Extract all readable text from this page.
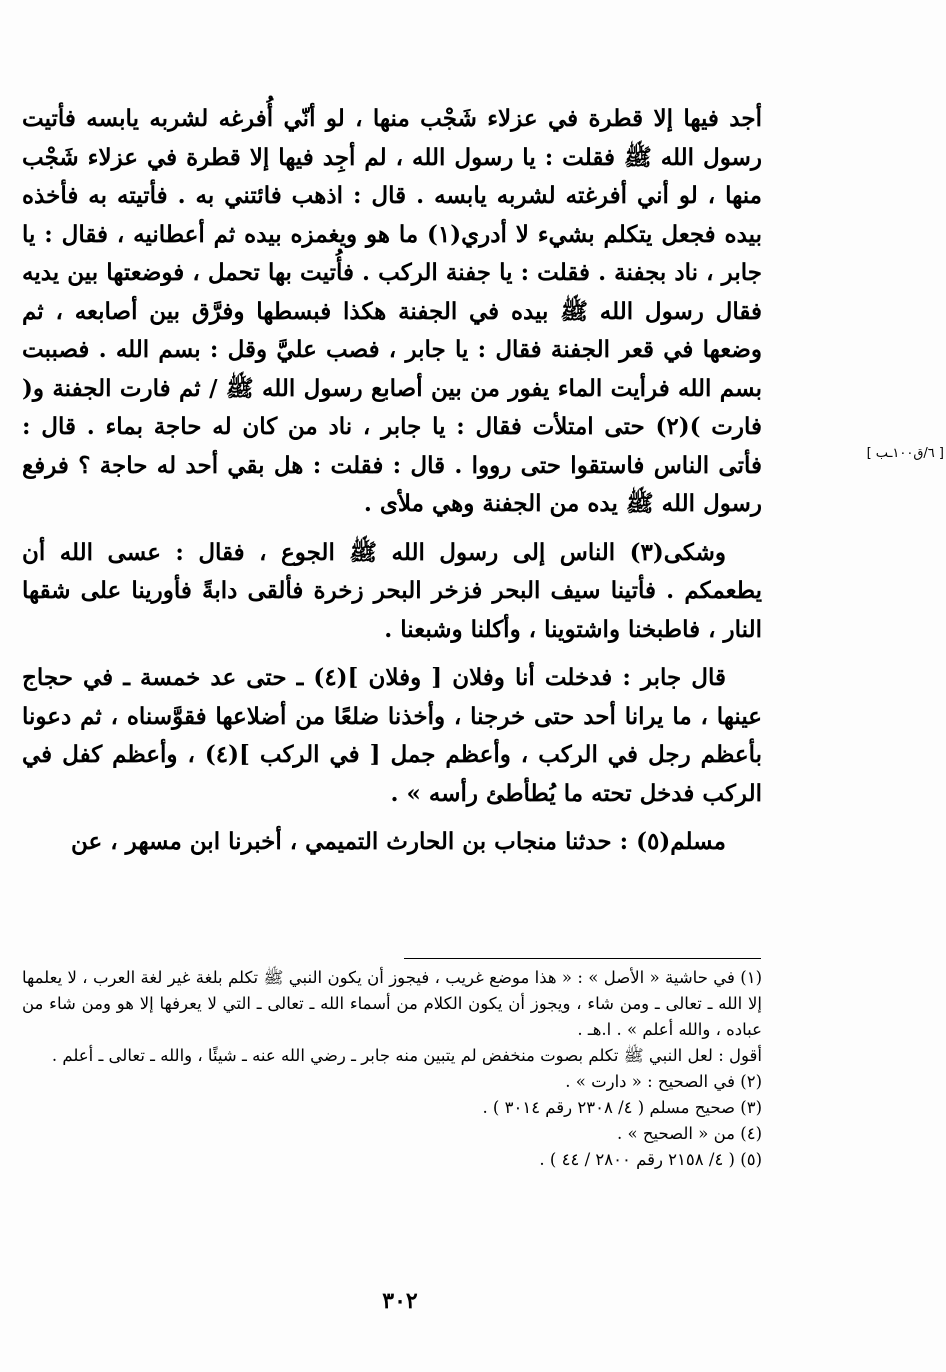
أجد فيها إلا قطرة في عزلاء شَجْب منها ، لو أنّي أُفرغه لشربه يابسه فأتيت رسول الله ﷺ فقلت : يا رسول الله ، لم أجِد فيها إلا قطرة في عزلاء شَجْب منها ، لو أني أفرغته لشربه يابسه . قال : اذهب فائتني به . فأتيته به فأخذه بيده فجعل يتكلم بشيء لا أدري(١) ما هو ويغمزه بيده ثم أعطانيه ، فقال : يا جابر ، ناد بجفنة . فقلت : يا جفنة الركب . فأُتيت بها تحمل ، فوضعتها بين يديه فقال رسول الله ﷺ بيده في الجفنة هكذا فبسطها وفرَّق بين أصابعه ، ثم وضعها في قعر الجفنة فقال : يا جابر ، فصب عليَّ وقل : بسم الله . فصببت بسم الله فرأيت الماء يفور من بين أصابع رسول الله ﷺ / ثم فارت الجفنة و( فارت )(٢) حتى امتلأت فقال : يا جابر ، ناد من كان له حاجة بماء . قال : فأتى الناس فاستقوا حتى رووا . قال : فقلت : هل بقي أحد له حاجة ؟ فرفع رسول الله ﷺ يده من الجفنة وهي ملأى .

وشكى(٣) الناس إلى رسول الله ﷺ الجوع ، فقال : عسى الله أن يطعمكم . فأتينا سيف البحر فزخر البحر زخرة فألقى دابةً فأورينا على شقها النار ، فاطبخنا واشتوينا ، وأكلنا وشبعنا .

قال جابر : فدخلت أنا وفلان [ وفلان ](٤) ـ حتى عد خمسة ـ في حجاج عينها ، ما يرانا أحد حتى خرجنا ، وأخذنا ضلعًا من أضلاعها فقوَّسناه ، ثم دعونا بأعظم رجل في الركب ، وأعظم جمل [ في الركب ](٤) ، وأعظم كفل في الركب فدخل تحته ما يُطأطئ رأسه » .

مسلم(٥) : حدثنا منجاب بن الحارث التميمي ، أخبرنا ابن مسهر ، عن

[ ٦/ق١٠٠ـب ]

(١) في حاشية « الأصل » : « هذا موضع غريب ، فيجوز أن يكون النبي ﷺ تكلم بلغة غير لغة العرب ، لا يعلمها إلا الله ـ تعالى ـ ومن شاء ، ويجوز أن يكون الكلام من أسماء الله ـ تعالى ـ التي لا يعرفها إلا هو ومن شاء من عباده ، والله أعلم » . ا.هـ .

أقول : لعل النبي ﷺ تكلم بصوت منخفض لم يتبين منه جابر ـ رضي الله عنه ـ شيئًا ، والله ـ تعالى ـ أعلم .

(٢) في الصحيح : « دارت » .

(٣) صحيح مسلم ( ٤/ ٢٣٠٨ رقم ٣٠١٤ ) .

(٤) من « الصحيح » .

(٥) ( ٤/ ٢١٥٨ رقم ٢٨٠٠ / ٤٤ ) .

٣٠٢
